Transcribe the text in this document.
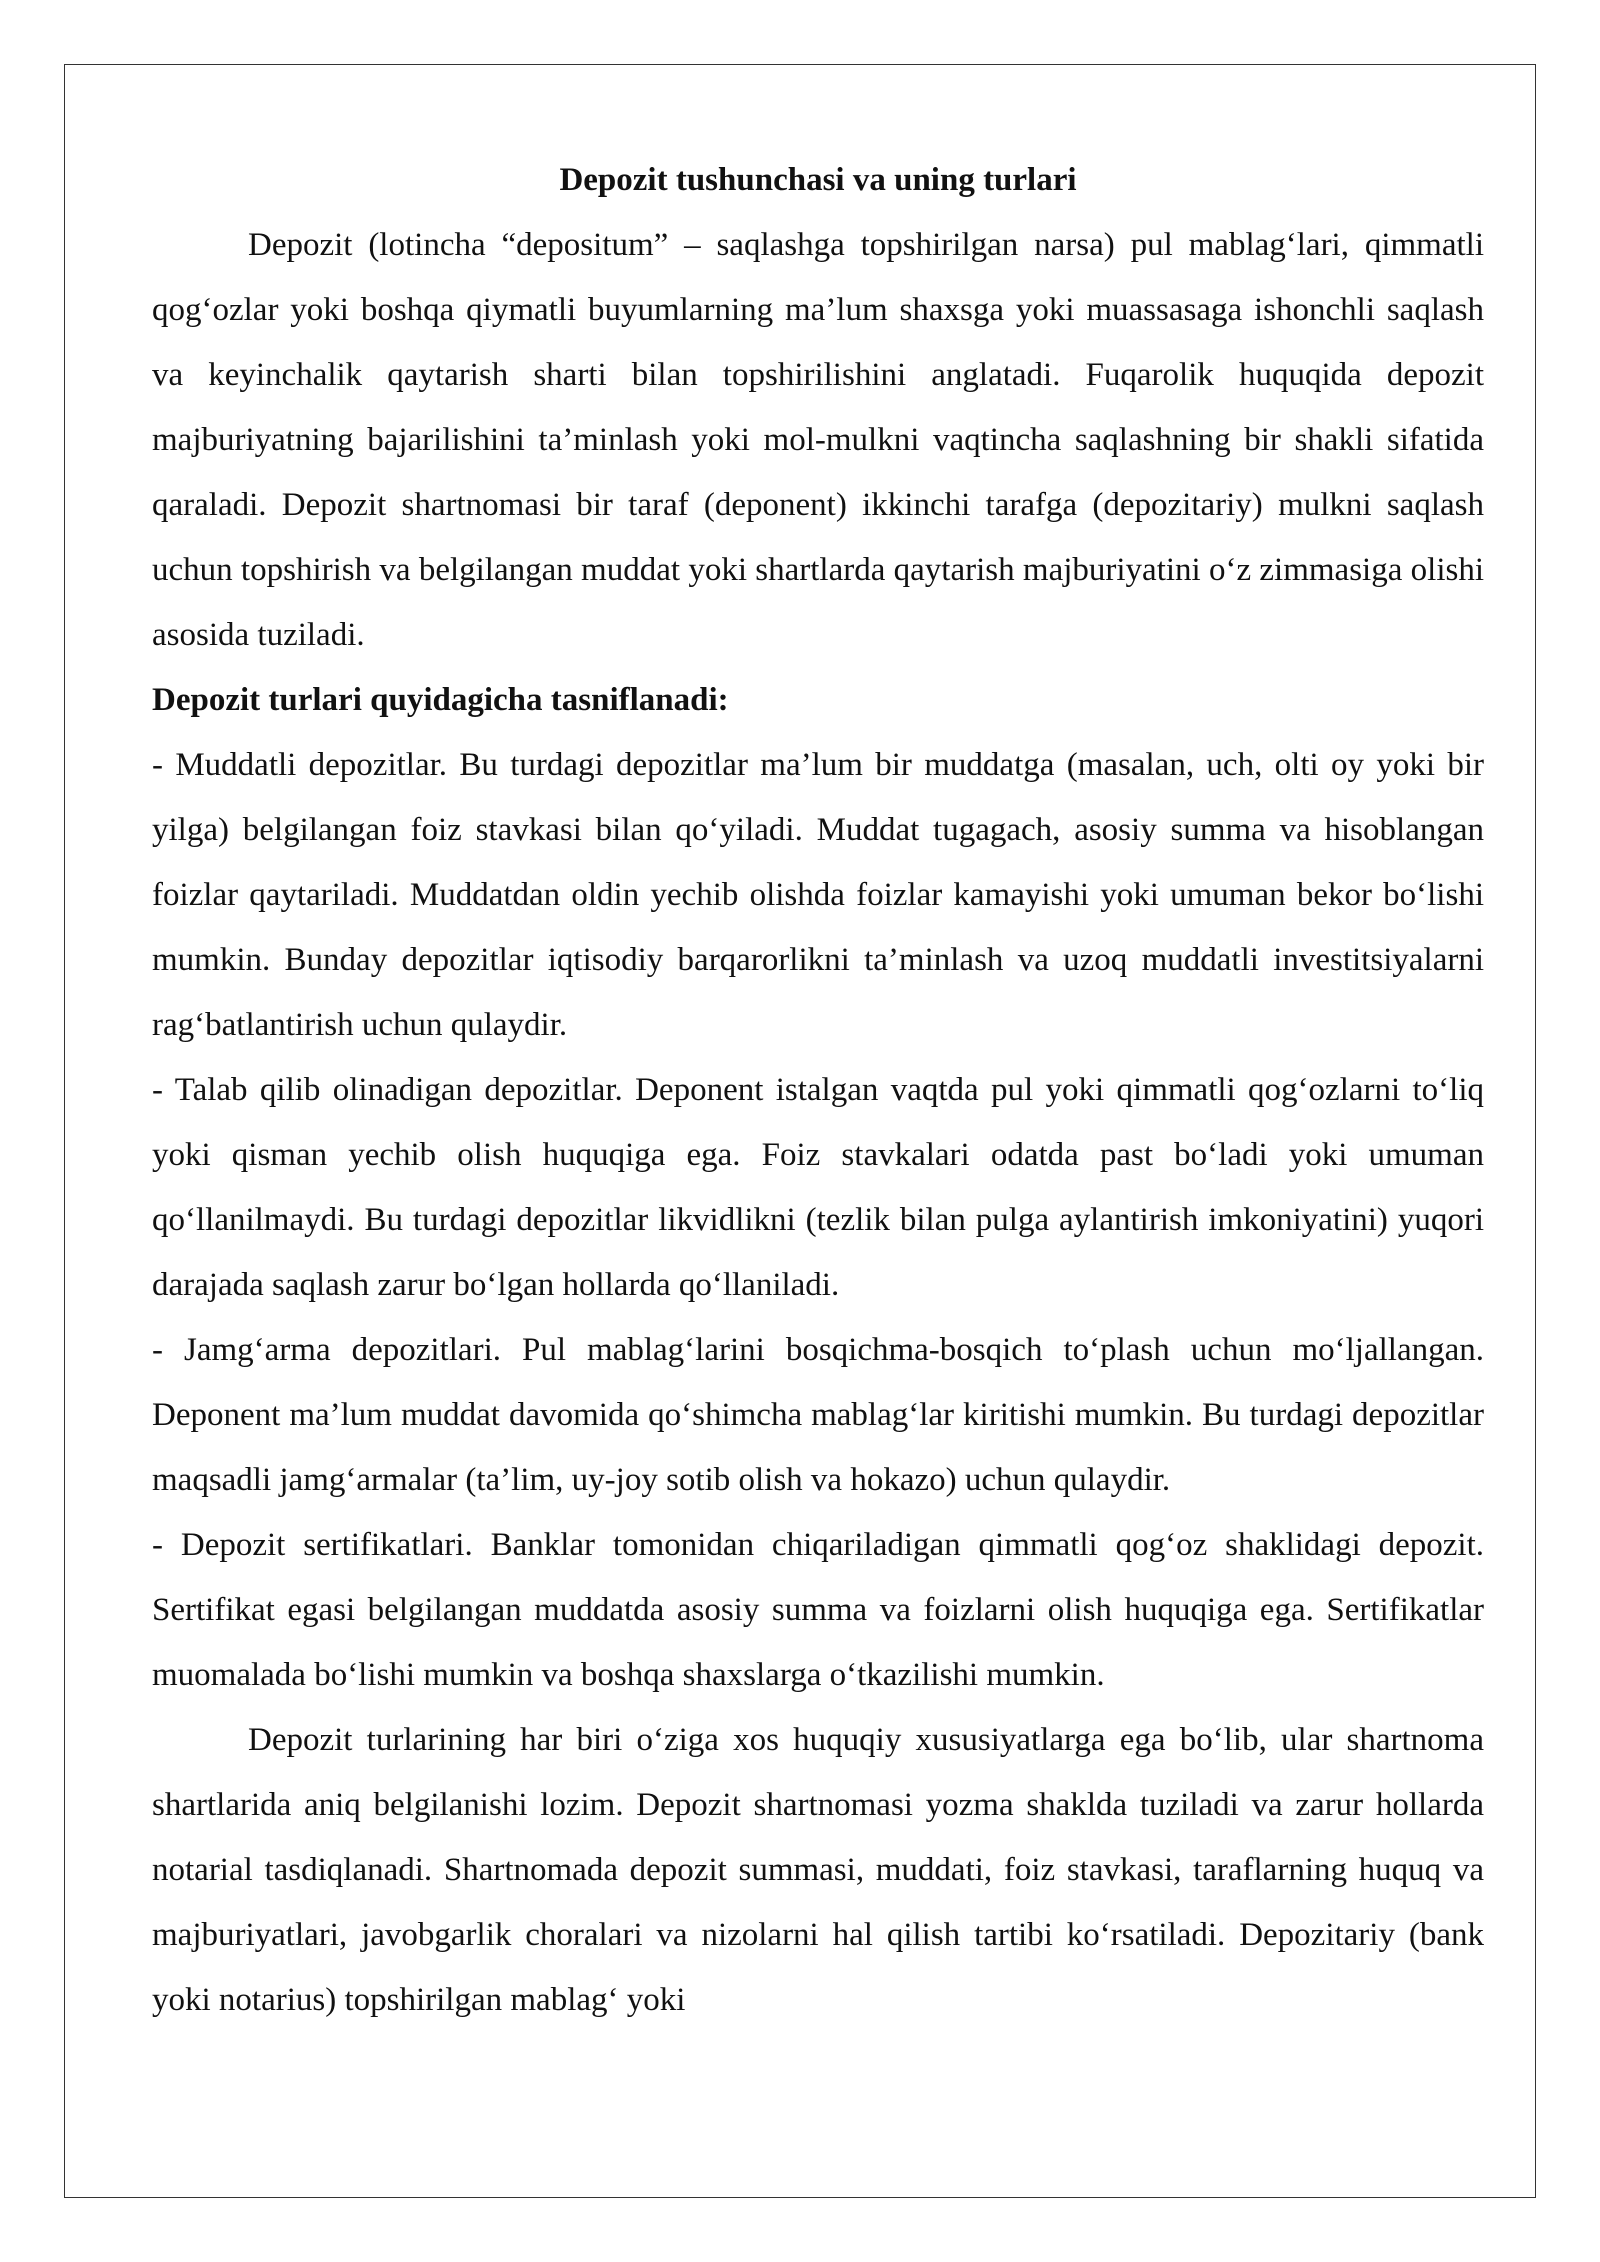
Depozit tushunchasi va uning turlari

Depozit (lotincha “depositum” – saqlashga topshirilgan narsa) pul mablag‘lari, qimmatli qog‘ozlar yoki boshqa qiymatli buyumlarning ma’lum shaxsga yoki muassasaga ishonchli saqlash va keyinchalik qaytarish sharti bilan topshirilishini anglatadi. Fuqarolik huquqida depozit majburiyatning bajarilishini ta’minlash yoki mol-mulkni vaqtincha saqlashning bir shakli sifatida qaraladi. Depozit shartnomasi bir taraf (deponent) ikkinchi tarafga (depozitariy) mulkni saqlash uchun topshirish va belgilangan muddat yoki shartlarda qaytarish majburiyatini o‘z zimmasiga olishi asosida tuziladi.

Depozit turlari quyidagicha tasniflanadi:

- Muddatli depozitlar. Bu turdagi depozitlar ma’lum bir muddatga (masalan, uch, olti oy yoki bir yilga) belgilangan foiz stavkasi bilan qo‘yiladi. Muddat tugagach, asosiy summa va hisoblangan foizlar qaytariladi. Muddatdan oldin yechib olishda foizlar kamayishi yoki umuman bekor bo‘lishi mumkin. Bunday depozitlar iqtisodiy barqarorlikni ta’minlash va uzoq muddatli investitsiyalarni rag‘batlantirish uchun qulaydir.

- Talab qilib olinadigan depozitlar. Deponent istalgan vaqtda pul yoki qimmatli qog‘ozlarni to‘liq yoki qisman yechib olish huquqiga ega. Foiz stavkalari odatda past bo‘ladi yoki umuman qo‘llanilmaydi. Bu turdagi depozitlar likvidlikni (tezlik bilan pulga aylantirish imkoniyatini) yuqori darajada saqlash zarur bo‘lgan hollarda qo‘llaniladi.

- Jamg‘arma depozitlari. Pul mablag‘larini bosqichma-bosqich to‘plash uchun mo‘ljallangan. Deponent ma’lum muddat davomida qo‘shimcha mablag‘lar kiritishi mumkin. Bu turdagi depozitlar maqsadli jamg‘armalar (ta’lim, uy-joy sotib olish va hokazo) uchun qulaydir.

- Depozit sertifikatlari. Banklar tomonidan chiqariladigan qimmatli qog‘oz shaklidagi depozit. Sertifikat egasi belgilangan muddatda asosiy summa va foizlarni olish huquqiga ega. Sertifikatlar muomalada bo‘lishi mumkin va boshqa shaxslarga o‘tkazilishi mumkin.

Depozit turlarining har biri o‘ziga xos huquqiy xususiyatlarga ega bo‘lib, ular shartnoma shartlarida aniq belgilanishi lozim. Depozit shartnomasi yozma shaklda tuziladi va zarur hollarda notarial tasdiqlanadi. Shartnomada depozit summasi, muddati, foiz stavkasi, taraflarning huquq va majburiyatlari, javobgarlik choralari va nizolarni hal qilish tartibi ko‘rsatiladi. Depozitariy (bank yoki notarius) topshirilgan mablag‘ yoki
